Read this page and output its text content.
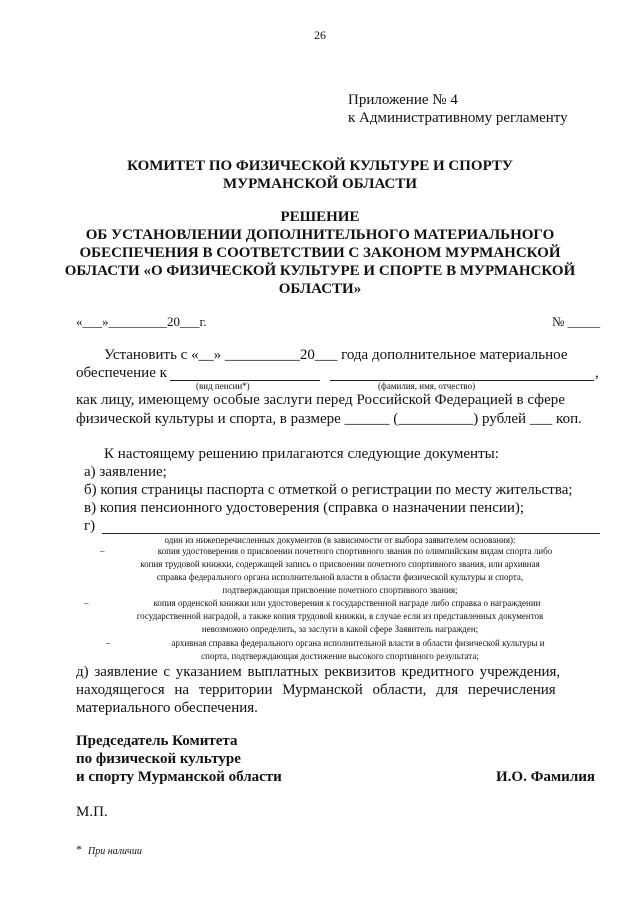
26
Приложение № 4
к Административному регламенту
КОМИТЕТ ПО ФИЗИЧЕСКОЙ КУЛЬТУРЕ И СПОРТУ
МУРМАНСКОЙ ОБЛАСТИ
РЕШЕНИЕ
ОБ УСТАНОВЛЕНИИ ДОПОЛНИТЕЛЬНОГО МАТЕРИАЛЬНОГО
ОБЕСПЕЧЕНИЯ В СООТВЕТСТВИИ С ЗАКОНОМ МУРМАНСКОЙ
ОБЛАСТИ «О ФИЗИЧЕСКОЙ КУЛЬТУРЕ И СПОРТЕ В МУРМАНСКОЙ
ОБЛАСТИ»
«___»_________20___г.	№ _____
Установить с «__» __________20___ года дополнительное материальное
обеспечение к	,
(вид пенсии*)	(фамилия, имя, отчество)
как лицу, имеющему особые заслуги перед Российской Федерацией в сфере
физической культуры и спорта, в размере ______ (__________) рублей ___ коп.
К настоящему решению прилагаются следующие документы:
а) заявление;
б) копия страницы паспорта с отметкой о регистрации по месту жительства;
в) копия пенсионного удостоверения (справка о назначении пенсии);
г)
один из нижеперечисленных документов (в зависимости от выбора заявителем основания):
–	копия удостоверения о присвоении почетного спортивного звания по олимпийским видам спорта либо
копия трудовой книжки, содержащей запись о присвоении почетного спортивного звания, или архивная
справка федерального органа исполнительной власти в области физической культуры и спорта,
подтверждающая присвоение почетного спортивного звания;
–	копия орденской книжки или удостоверения к государственной награде либо справка о награждении
государственной наградой, а также копия трудовой книжки, в случае если из представленных документов
невозможно определить, за заслуги в какой сфере Заявитель награжден;
–	архивная справка федерального органа исполнительной власти в области физической культуры и
спорта, подтверждающая достижение высокого спортивного результата;
д) заявление с указанием выплатных реквизитов кредитного учреждения,
находящегося на территории Мурманской области, для перечисления
материального обеспечения.
Председатель Комитета
по физической культуре
и спорту Мурманской области	И.О. Фамилия
М.П.
* При наличии
